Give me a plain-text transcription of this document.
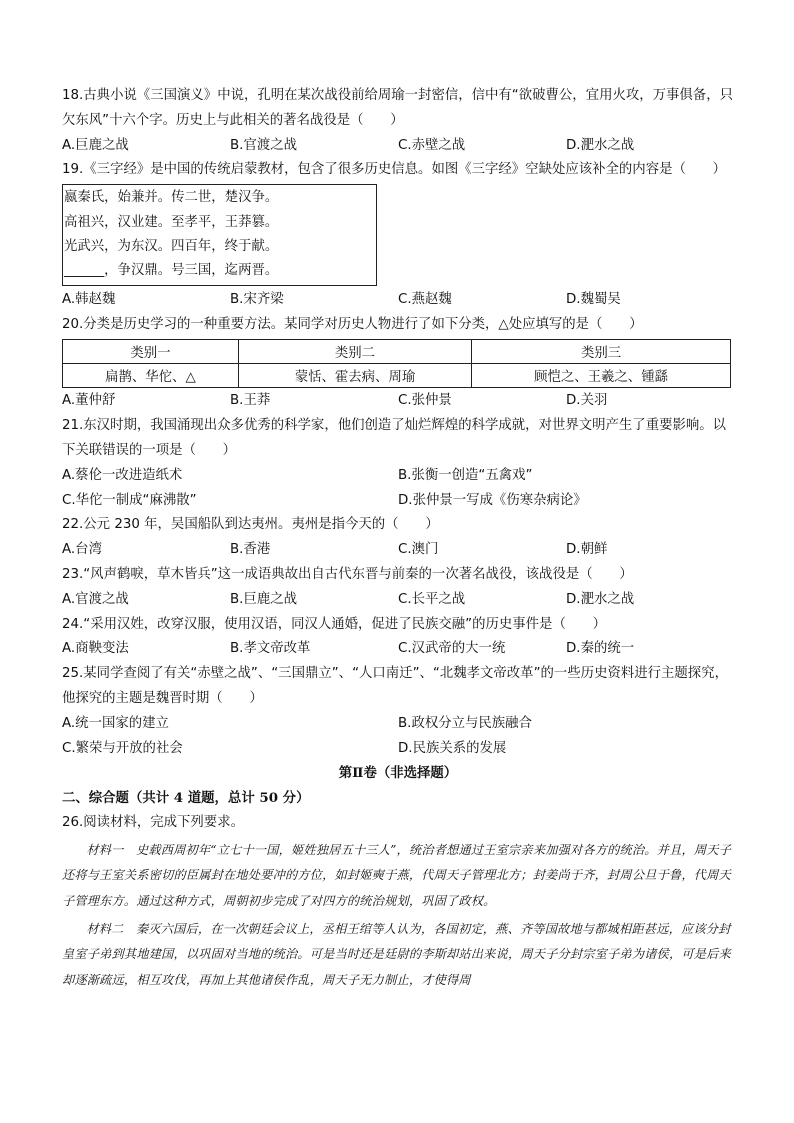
18.古典小说《三国演义》中说，孔明在某次战役前给周瑜一封密信，信中有“欲破曹公，宜用火攻，万事俱备，只欠东风”十六个字。历史上与此相关的著名战役是（　　）
A.巨鹿之战	B.官渡之战	C.赤壁之战	D.淝水之战
19.《三字经》是中国的传统启蒙教材，包含了很多历史信息。如图《三字经》空缺处应该补全的内容是（　　）
嬴秦氏，始兼并。传二世，楚汉争。
高祖兴，汉业建。至孝平，王莽篡。
光武兴，为东汉。四百年，终于献。
______，争汉鼎。号三国，迄两晋。
A.韩赵魏	B.宋齐梁	C.燕赵魏	D.魏蜀吴
20.分类是历史学习的一种重要方法。某同学对历史人物进行了如下分类，△处应填写的是（　　）
类别一	类别二	类别三
扁鹊、华佗、△	蒙恬、霍去病、周瑜	顾恺之、王羲之、锺繇
A.董仲舒	B.王莽	C.张仲景	D.关羽
21.东汉时期，我国涌现出众多优秀的科学家，他们创造了灿烂辉煌的科学成就，对世界文明产生了重要影响。以下关联错误的一项是（　　）
A.蔡伦一改进造纸术	B.张衡一创造“五禽戏”
C.华佗一制成“麻沸散”	D.张仲景一写成《伤寒杂病论》
22.公元 230 年，吴国船队到达夷州。夷州是指今天的（　　）
A.台湾	B.香港	C.澳门	D.朝鲜
23.“风声鹤唳，草木皆兵”这一成语典故出自古代东晋与前秦的一次著名战役，该战役是（　　）
A.官渡之战	B.巨鹿之战	C.长平之战	D.淝水之战
24.“采用汉姓，改穿汉服，使用汉语，同汉人通婚，促进了民族交融”的历史事件是（　　）
A.商鞅变法	B.孝文帝改革	C.汉武帝的大一统	D.秦的统一
25.某同学查阅了有关“赤壁之战”、“三国鼎立”、“人口南迁”、“北魏孝文帝改革”的一些历史资料进行主题探究，他探究的主题是魏晋时期（　　）
A.统一国家的建立	B.政权分立与民族融合
C.繁荣与开放的社会	D.民族关系的发展
第Ⅱ卷（非选择题）
二、综合题（共计 4 道题，总计 50 分）
26.阅读材料，完成下列要求。
材料一　史载西周初年“立七十一国，姬姓独居五十三人”，统治者想通过王室宗亲来加强对各方的统治。并且，周天子还将与王室关系密切的臣属封在地处要冲的方位，如封姬奭于燕，代周天子管理北方；封姜尚于齐，封周公旦于鲁，代周天子管理东方。通过这种方式，周朝初步完成了对四方的统治规划，巩固了政权。
材料二　秦灭六国后，在一次朝廷会议上，丞相王绾等人认为，各国初定，燕、齐等国故地与都城相距甚远，应该分封皇室子弟到其地建国，以巩固对当地的统治。可是当时还是廷尉的李斯却站出来说，周天子分封宗室子弟为诸侯，可是后来却逐渐疏远，相互攻伐，再加上其他诸侯作乱，周天子无力制止，才使得周
